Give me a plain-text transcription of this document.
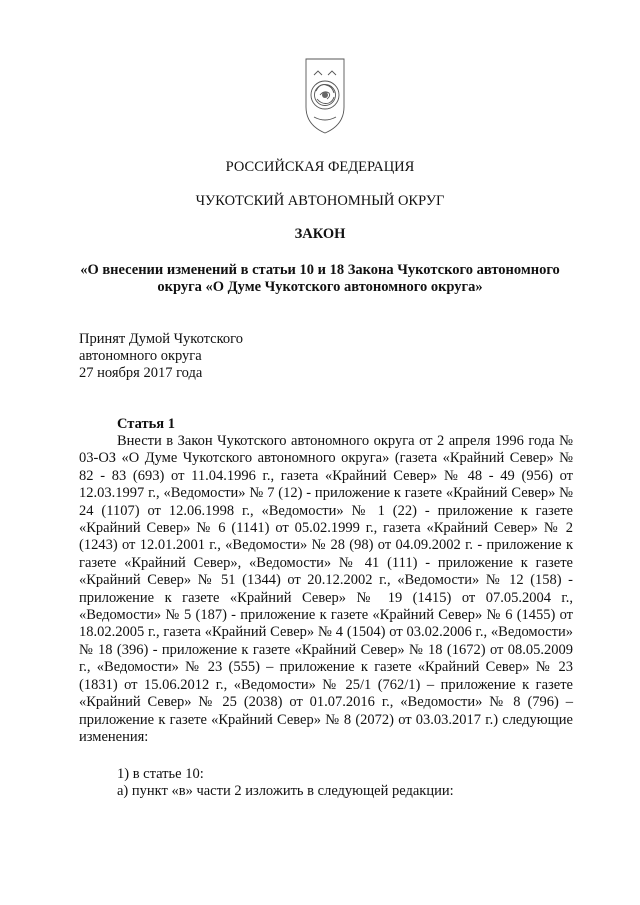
РОССИЙСКАЯ ФЕДЕРАЦИЯ
ЧУКОТСКИЙ АВТОНОМНЫЙ ОКРУГ
ЗАКОН
«О внесении изменений в статьи 10 и 18 Закона Чукотского автономного
округа «О Думе Чукотского автономного округа»
Принят Думой Чукотского
автономного округа
27 ноября 2017 года
Статья 1

Внести в Закон Чукотского автономного округа от 2 апреля 1996 года № 03-ОЗ «О Думе Чукотского автономного округа» (газета «Крайний Север» № 82 - 83 (693) от 11.04.1996 г., газета «Крайний Север» № 48 - 49 (956) от 12.03.1997 г., «Ведомости» № 7 (12) - приложение к газете «Крайний Север» № 24 (1107) от 12.06.1998 г., «Ведомости» № 1 (22) - приложение к газете «Крайний Север» № 6 (1141) от 05.02.1999 г., газета «Крайний Север» № 2 (1243) от 12.01.2001 г., «Ведомости» № 28 (98) от 04.09.2002 г. - приложение к газете «Крайний Север», «Ведомости» № 41 (111) - приложение к газете «Крайний Север» № 51 (1344) от 20.12.2002 г., «Ведомости» № 12 (158) - приложение к газете «Крайний Север» № 19 (1415) от 07.05.2004 г., «Ведомости» № 5 (187) - приложение к газете «Крайний Север» № 6 (1455) от 18.02.2005 г., газета «Крайний Север» № 4 (1504) от 03.02.2006 г., «Ведомости» № 18 (396) - приложение к газете «Крайний Север» № 18 (1672) от 08.05.2009 г., «Ведомости» № 23 (555) – приложение к газете «Крайний Север» № 23 (1831) от 15.06.2012 г., «Ведомости» № 25/1 (762/1) – приложение к газете «Крайний Север» № 25 (2038) от 01.07.2016 г., «Ведомости» № 8 (796) – приложение к газете «Крайний Север» № 8 (2072) от 03.03.2017 г.) следующие изменения:

1) в статье 10:
а) пункт «в» части 2 изложить в следующей редакции:
